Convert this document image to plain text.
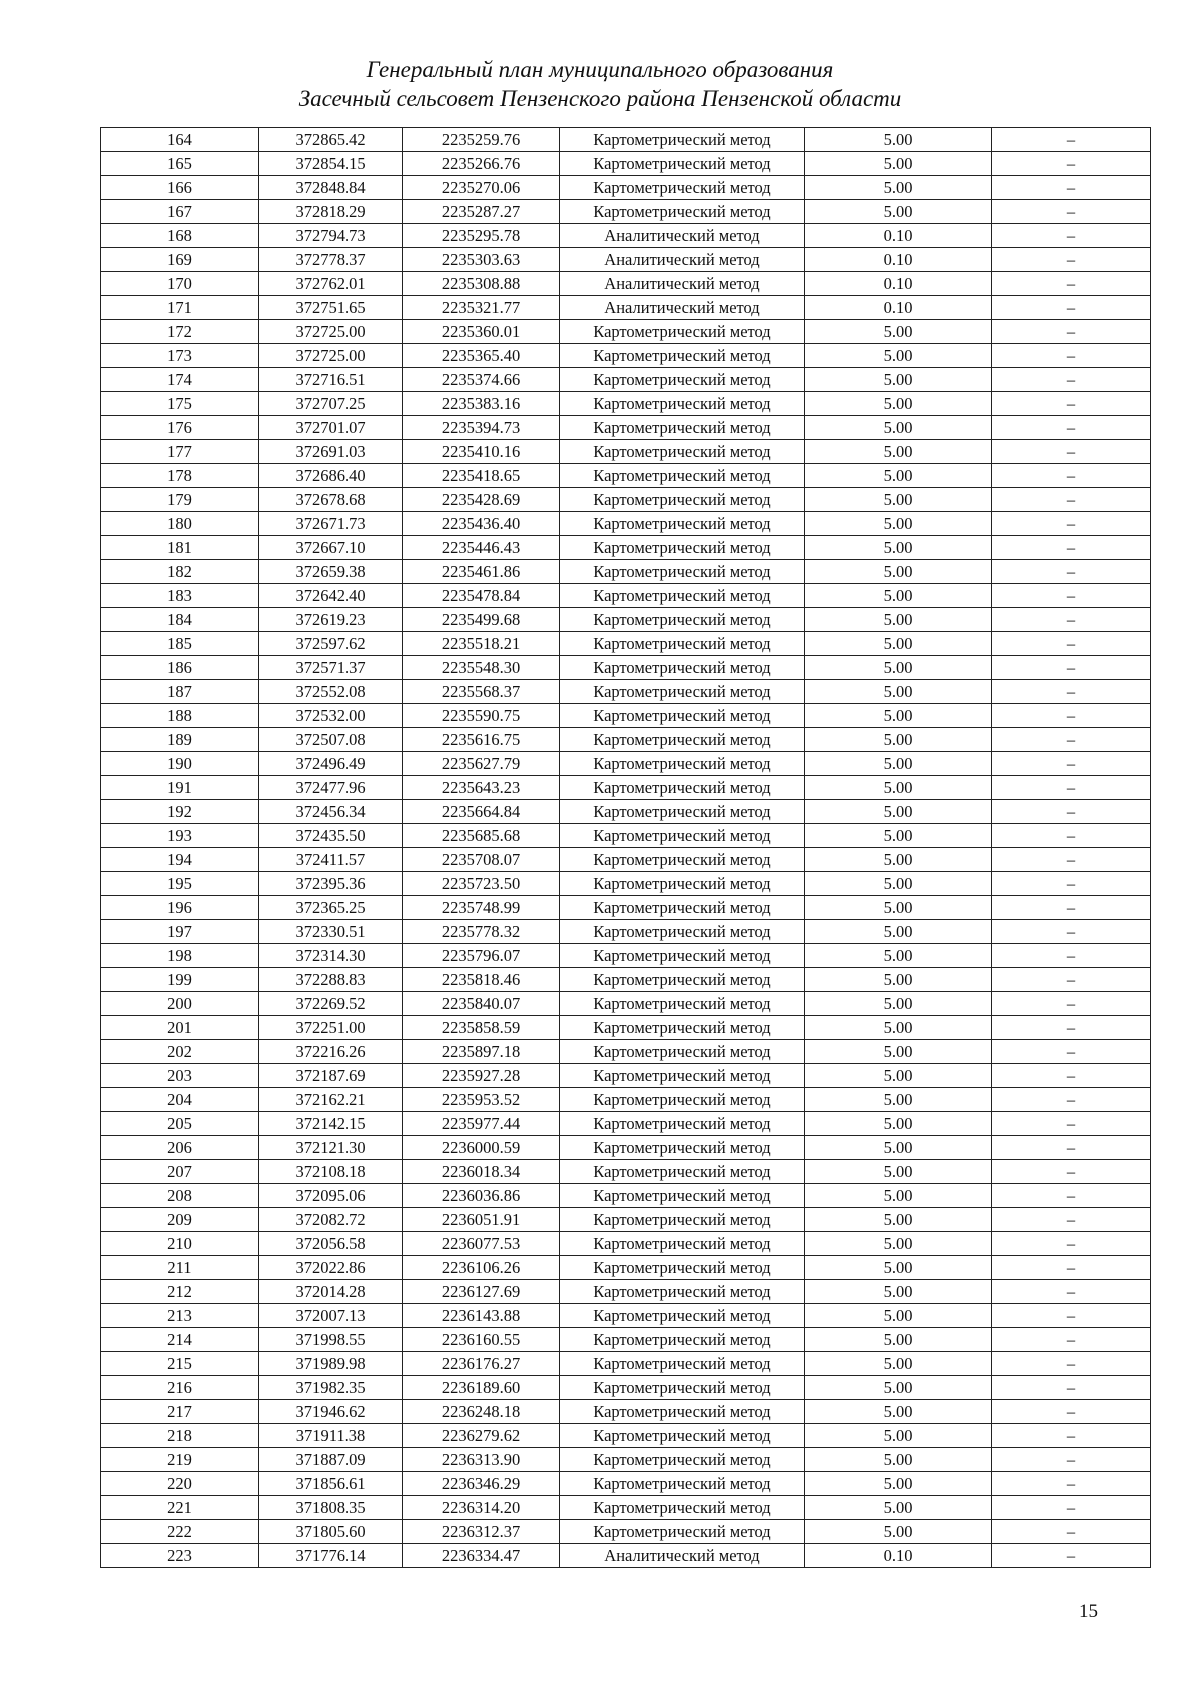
Генеральный план муниципального образования
Засечный сельсовет Пензенского района Пензенской области
164	372865.42	2235259.76	Картометрический метод	5.00	–
165	372854.15	2235266.76	Картометрический метод	5.00	–
166	372848.84	2235270.06	Картометрический метод	5.00	–
167	372818.29	2235287.27	Картометрический метод	5.00	–
168	372794.73	2235295.78	Аналитический метод	0.10	–
169	372778.37	2235303.63	Аналитический метод	0.10	–
170	372762.01	2235308.88	Аналитический метод	0.10	–
171	372751.65	2235321.77	Аналитический метод	0.10	–
172	372725.00	2235360.01	Картометрический метод	5.00	–
173	372725.00	2235365.40	Картометрический метод	5.00	–
174	372716.51	2235374.66	Картометрический метод	5.00	–
175	372707.25	2235383.16	Картометрический метод	5.00	–
176	372701.07	2235394.73	Картометрический метод	5.00	–
177	372691.03	2235410.16	Картометрический метод	5.00	–
178	372686.40	2235418.65	Картометрический метод	5.00	–
179	372678.68	2235428.69	Картометрический метод	5.00	–
180	372671.73	2235436.40	Картометрический метод	5.00	–
181	372667.10	2235446.43	Картометрический метод	5.00	–
182	372659.38	2235461.86	Картометрический метод	5.00	–
183	372642.40	2235478.84	Картометрический метод	5.00	–
184	372619.23	2235499.68	Картометрический метод	5.00	–
185	372597.62	2235518.21	Картометрический метод	5.00	–
186	372571.37	2235548.30	Картометрический метод	5.00	–
187	372552.08	2235568.37	Картометрический метод	5.00	–
188	372532.00	2235590.75	Картометрический метод	5.00	–
189	372507.08	2235616.75	Картометрический метод	5.00	–
190	372496.49	2235627.79	Картометрический метод	5.00	–
191	372477.96	2235643.23	Картометрический метод	5.00	–
192	372456.34	2235664.84	Картометрический метод	5.00	–
193	372435.50	2235685.68	Картометрический метод	5.00	–
194	372411.57	2235708.07	Картометрический метод	5.00	–
195	372395.36	2235723.50	Картометрический метод	5.00	–
196	372365.25	2235748.99	Картометрический метод	5.00	–
197	372330.51	2235778.32	Картометрический метод	5.00	–
198	372314.30	2235796.07	Картометрический метод	5.00	–
199	372288.83	2235818.46	Картометрический метод	5.00	–
200	372269.52	2235840.07	Картометрический метод	5.00	–
201	372251.00	2235858.59	Картометрический метод	5.00	–
202	372216.26	2235897.18	Картометрический метод	5.00	–
203	372187.69	2235927.28	Картометрический метод	5.00	–
204	372162.21	2235953.52	Картометрический метод	5.00	–
205	372142.15	2235977.44	Картометрический метод	5.00	–
206	372121.30	2236000.59	Картометрический метод	5.00	–
207	372108.18	2236018.34	Картометрический метод	5.00	–
208	372095.06	2236036.86	Картометрический метод	5.00	–
209	372082.72	2236051.91	Картометрический метод	5.00	–
210	372056.58	2236077.53	Картометрический метод	5.00	–
211	372022.86	2236106.26	Картометрический метод	5.00	–
212	372014.28	2236127.69	Картометрический метод	5.00	–
213	372007.13	2236143.88	Картометрический метод	5.00	–
214	371998.55	2236160.55	Картометрический метод	5.00	–
215	371989.98	2236176.27	Картометрический метод	5.00	–
216	371982.35	2236189.60	Картометрический метод	5.00	–
217	371946.62	2236248.18	Картометрический метод	5.00	–
218	371911.38	2236279.62	Картометрический метод	5.00	–
219	371887.09	2236313.90	Картометрический метод	5.00	–
220	371856.61	2236346.29	Картометрический метод	5.00	–
221	371808.35	2236314.20	Картометрический метод	5.00	–
222	371805.60	2236312.37	Картометрический метод	5.00	–
223	371776.14	2236334.47	Аналитический метод	0.10	–
15
